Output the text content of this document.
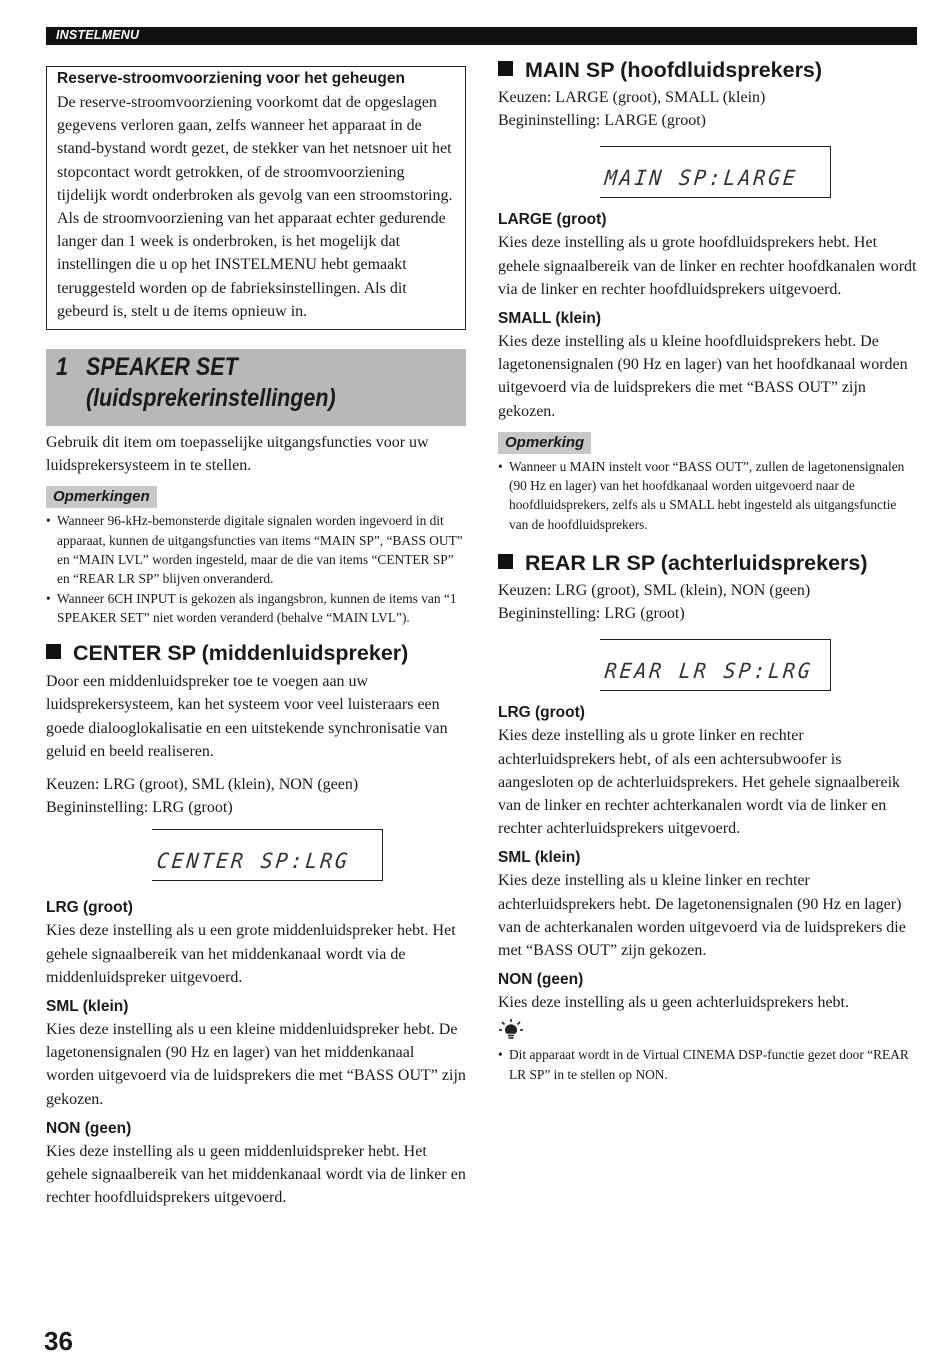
INSTELMENU
Reserve-stroomvoorziening voor het geheugen

De reserve-stroomvoorziening voorkomt dat de opgeslagen gegevens verloren gaan, zelfs wanneer het apparaat in de stand-bystand wordt gezet, de stekker van het netsnoer uit het stopcontact wordt getrokken, of de stroomvoorziening tijdelijk wordt onderbroken als gevolg van een stroomstoring. Als de stroomvoorziening van het apparaat echter gedurende langer dan 1 week is onderbroken, is het mogelijk dat instellingen die u op het INSTELMENU hebt gemaakt teruggesteld worden op de fabrieksinstellingen. Als dit gebeurd is, stelt u de items opnieuw in.

1 SPEAKER SET
(luidsprekerinstellingen)

Gebruik dit item om toepasselijke uitgangsfuncties voor uw luidsprekersysteem in te stellen.

Opmerkingen
• Wanneer 96-kHz-bemonsterde digitale signalen worden ingevoerd in dit apparaat, kunnen de uitgangsfuncties van items “MAIN SP”, “BASS OUT” en “MAIN LVL” worden ingesteld, maar de die van items “CENTER SP” en “REAR LR SP” blijven onveranderd.
• Wanneer 6CH INPUT is gekozen als ingangsbron, kunnen de items van “1 SPEAKER SET” niet worden veranderd (behalve “MAIN LVL”).
CENTER SP (middenluidspreker)

Door een middenluidspreker toe te voegen aan uw luidsprekersysteem, kan het systeem voor veel luisteraars een goede dialooglokalisatie en een uitstekende synchronisatie van geluid en beeld realiseren.

Keuzen: LRG (groot), SML (klein), NON (geen)

Begininstelling: LRG (groot)

CENTER SP:LRG
LRG (groot)

Kies deze instelling als u een grote middenluidspreker hebt. Het gehele signaalbereik van het middenkanaal wordt via de middenluidspreker uitgevoerd.

SML (klein)

Kies deze instelling als u een kleine middenluidspreker hebt. De lagetonensignalen (90 Hz en lager) van het middenkanaal worden uitgevoerd via de luidsprekers die met “BASS OUT” zijn gekozen.

NON (geen)

Kies deze instelling als u geen middenluidspreker hebt. Het gehele signaalbereik van het middenkanaal wordt via de linker en rechter hoofdluidsprekers uitgevoerd.

MAIN SP (hoofdluidsprekers)

Keuzen: LARGE (groot), SMALL (klein)

Begininstelling: LARGE (groot)

MAIN SP:LARGE
LARGE (groot)

Kies deze instelling als u grote hoofdluidsprekers hebt. Het gehele signaalbereik van de linker en rechter hoofdkanalen wordt via de linker en rechter hoofdluidsprekers uitgevoerd.

SMALL (klein)

Kies deze instelling als u kleine hoofdluidsprekers hebt. De lagetonensignalen (90 Hz en lager) van het hoofdkanaal worden uitgevoerd via de luidsprekers die met “BASS OUT” zijn gekozen.

Opmerking
• Wanneer u MAIN instelt voor “BASS OUT”, zullen de lagetonensignalen (90 Hz en lager) van het hoofdkanaal worden uitgevoerd naar de hoofdluidsprekers, zelfs als u SMALL hebt ingesteld als uitgangsfunctie van de hoofdluidsprekers.
REAR LR SP (achterluidsprekers)

Keuzen: LRG (groot), SML (klein), NON (geen)

Begininstelling: LRG (groot)

REAR LR SP:LRG
LRG (groot)

Kies deze instelling als u grote linker en rechter achterluidsprekers hebt, of als een achtersubwoofer is aangesloten op de achterluidsprekers. Het gehele signaalbereik van de linker en rechter achterkanalen wordt via de linker en rechter achterluidsprekers uitgevoerd.

SML (klein)

Kies deze instelling als u kleine linker en rechter achterluidsprekers hebt. De lagetonensignalen (90 Hz en lager) van de achterkanalen worden uitgevoerd via de luidsprekers die met “BASS OUT” zijn gekozen.

NON (geen)

Kies deze instelling als u geen achterluidsprekers hebt.

• Dit apparaat wordt in de Virtual CINEMA DSP-functie gezet door “REAR LR SP” in te stellen op NON.
36
